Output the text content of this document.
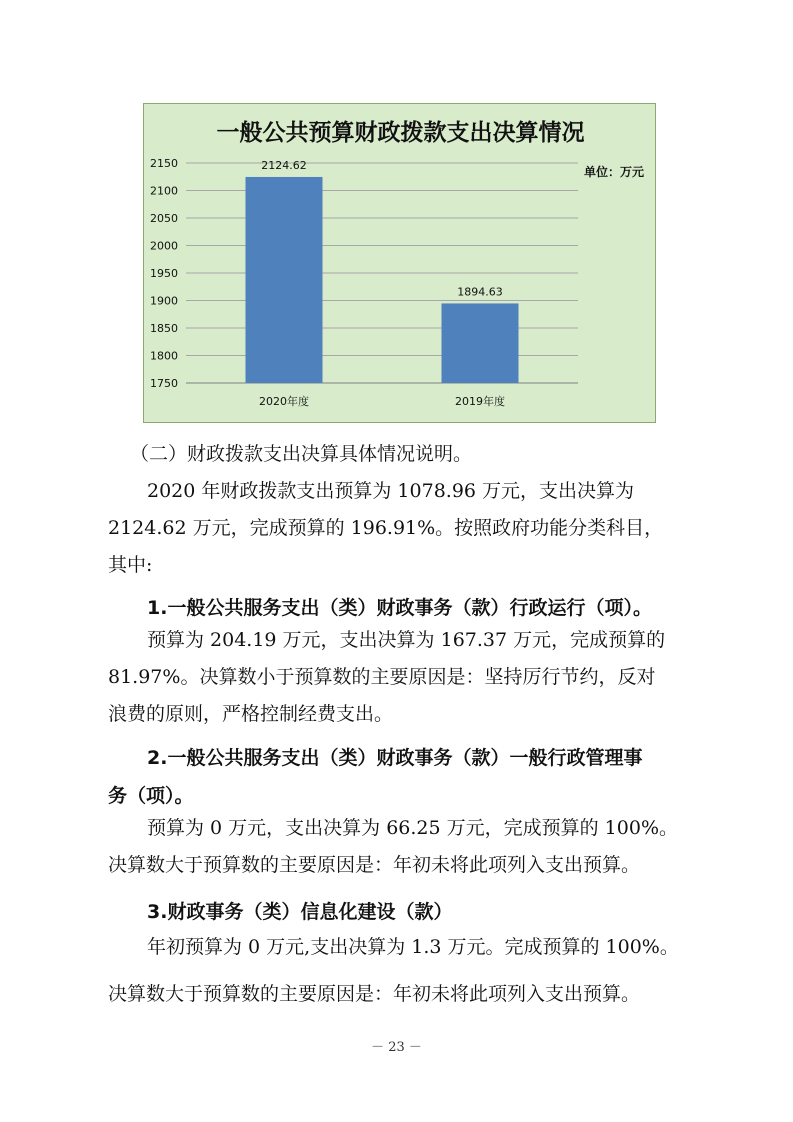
一般公共预算财政拨款支出决算情况
单位：万元
2150
2100
2050
2000
1950
1900
1850
1800
1750
2124.62
2020年度
1894.63
2019年度
（二）财政拨款支出决算具体情况说明。
2020 年财政拨款支出预算为 1078.96 万元，支出决算为
2124.62 万元，完成预算的 196.91%。按照政府功能分类科目，
其中:
1.一般公共服务支出（类）财政事务（款）行政运行（项）。
预算为 204.19 万元，支出决算为 167.37 万元，完成预算的
81.97%。决算数小于预算数的主要原因是：坚持厉行节约，反对
浪费的原则，严格控制经费支出。
2.一般公共服务支出（类）财政事务（款）一般行政管理事
务（项）。
预算为 0 万元，支出决算为 66.25 万元，完成预算的 100%。
决算数大于预算数的主要原因是：年初未将此项列入支出预算。
3.财政事务（类）信息化建设（款）
年初预算为 0 万元,支出决算为 1.3 万元。完成预算的 100%。
决算数大于预算数的主要原因是：年初未将此项列入支出预算。
－ 23 －
